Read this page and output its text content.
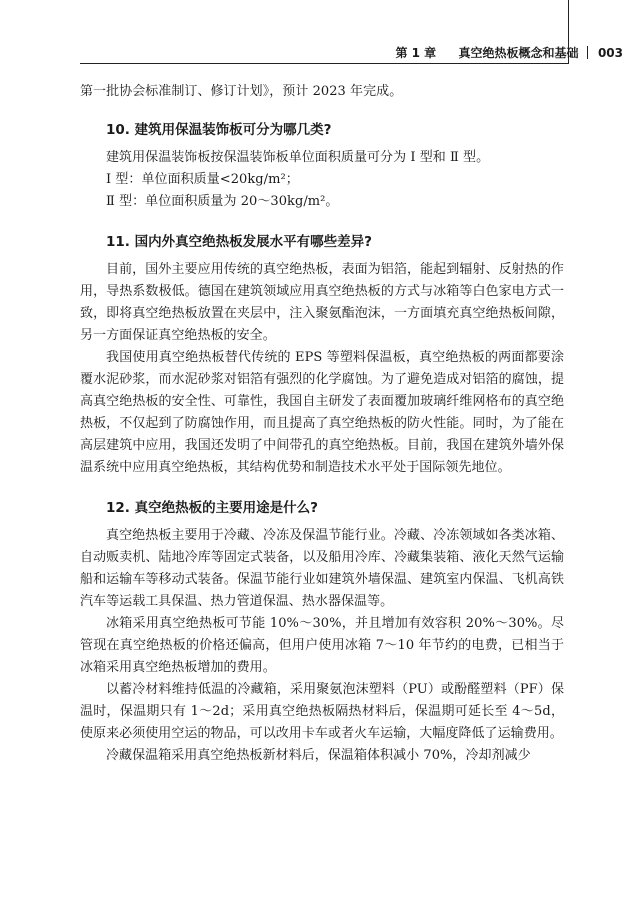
第 1 章 真空绝热板概念和基础 003

第一批协会标准制订、修订计划》，预计 2023 年完成。

10. 建筑用保温装饰板可分为哪几类?

建筑用保温装饰板按保温装饰板单位面积质量可分为 Ⅰ 型和 Ⅱ 型。

Ⅰ 型：单位面积质量<20kg/m²；

Ⅱ 型：单位面积质量为 20～30kg/m²。

11. 国内外真空绝热板发展水平有哪些差异?

目前，国外主要应用传统的真空绝热板，表面为铝箔，能起到辐射、反射热的作用，导热系数极低。德国在建筑领域应用真空绝热板的方式与冰箱等白色家电方式一致，即将真空绝热板放置在夹层中，注入聚氨酯泡沫，一方面填充真空绝热板间隙，另一方面保证真空绝热板的安全。

我国使用真空绝热板替代传统的 EPS 等塑料保温板，真空绝热板的两面都要涂覆水泥砂浆，而水泥砂浆对铝箔有强烈的化学腐蚀。为了避免造成对铝箔的腐蚀，提高真空绝热板的安全性、可靠性，我国自主研发了表面覆加玻璃纤维网格布的真空绝热板，不仅起到了防腐蚀作用，而且提高了真空绝热板的防火性能。同时，为了能在高层建筑中应用，我国还发明了中间带孔的真空绝热板。目前，我国在建筑外墙外保温系统中应用真空绝热板，其结构优势和制造技术水平处于国际领先地位。

12. 真空绝热板的主要用途是什么?

真空绝热板主要用于冷藏、冷冻及保温节能行业。冷藏、冷冻领域如各类冰箱、自动贩卖机、陆地冷库等固定式装备，以及船用冷库、冷藏集装箱、液化天然气运输船和运输车等移动式装备。保温节能行业如建筑外墙保温、建筑室内保温、飞机高铁汽车等运载工具保温、热力管道保温、热水器保温等。

冰箱采用真空绝热板可节能 10%～30%，并且增加有效容积 20%～30%。尽管现在真空绝热板的价格还偏高，但用户使用冰箱 7～10 年节约的电费，已相当于冰箱采用真空绝热板增加的费用。

以蓄冷材料维持低温的冷藏箱，采用聚氨泡沫塑料（PU）或酚醛塑料（PF）保温时，保温期只有 1～2d；采用真空绝热板隔热材料后，保温期可延长至 4～5d，使原来必须使用空运的物品，可以改用卡车或者火车运输，大幅度降低了运输费用。

冷藏保温箱采用真空绝热板新材料后，保温箱体积减小 70%，冷却剂减少
